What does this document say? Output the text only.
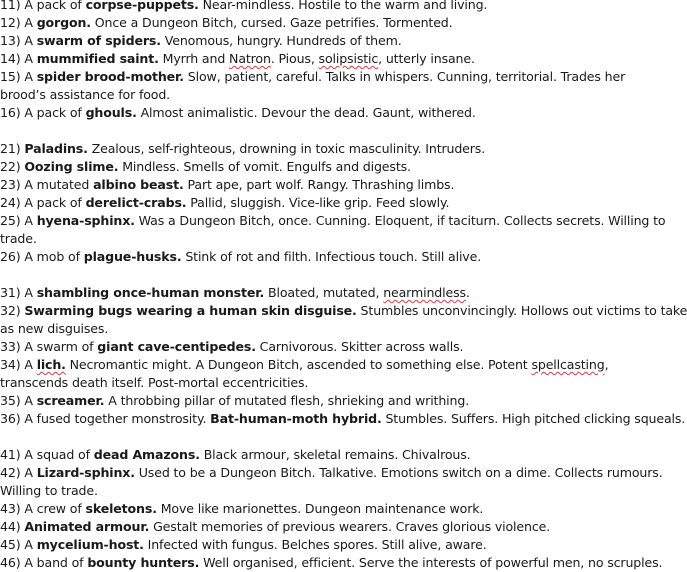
11) A pack of corpse-puppets. Near-mindless. Hostile to the warm and living.
12) A gorgon. Once a Dungeon Bitch, cursed. Gaze petrifies. Tormented.
13) A swarm of spiders. Venomous, hungry. Hundreds of them.
14) A mummified saint. Myrrh and Natron. Pious, solipsistic, utterly insane.
15) A spider brood-mother. Slow, patient, careful. Talks in whispers. Cunning, territorial. Trades her
brood’s assistance for food.
16) A pack of ghouls. Almost animalistic. Devour the dead. Gaunt, withered.
21) Paladins. Zealous, self-righteous, drowning in toxic masculinity. Intruders.
22) Oozing slime. Mindless. Smells of vomit. Engulfs and digests.
23) A mutated albino beast. Part ape, part wolf. Rangy. Thrashing limbs.
24) A pack of derelict-crabs. Pallid, sluggish. Vice-like grip. Feed slowly.
25) A hyena-sphinx. Was a Dungeon Bitch, once. Cunning. Eloquent, if taciturn. Collects secrets. Willing to
trade.
26) A mob of plague-husks. Stink of rot and filth. Infectious touch. Still alive.
31) A shambling once-human monster. Bloated, mutated, nearmindless.
32) Swarming bugs wearing a human skin disguise. Stumbles unconvincingly. Hollows out victims to take
as new disguises.
33) A swarm of giant cave-centipedes. Carnivorous. Skitter across walls.
34) A lich. Necromantic might. A Dungeon Bitch, ascended to something else. Potent spellcasting,
transcends death itself. Post-mortal eccentricities.
35) A screamer. A throbbing pillar of mutated flesh, shrieking and writhing.
36) A fused together monstrosity. Bat-human-moth hybrid. Stumbles. Suffers. High pitched clicking squeals.
41) A squad of dead Amazons. Black armour, skeletal remains. Chivalrous.
42) A Lizard-sphinx. Used to be a Dungeon Bitch. Talkative. Emotions switch on a dime. Collects rumours.
Willing to trade.
43) A crew of skeletons. Move like marionettes. Dungeon maintenance work.
44) Animated armour. Gestalt memories of previous wearers. Craves glorious violence.
45) A mycelium-host. Infected with fungus. Belches spores. Still alive, aware.
46) A band of bounty hunters. Well organised, efficient. Serve the interests of powerful men, no scruples.
